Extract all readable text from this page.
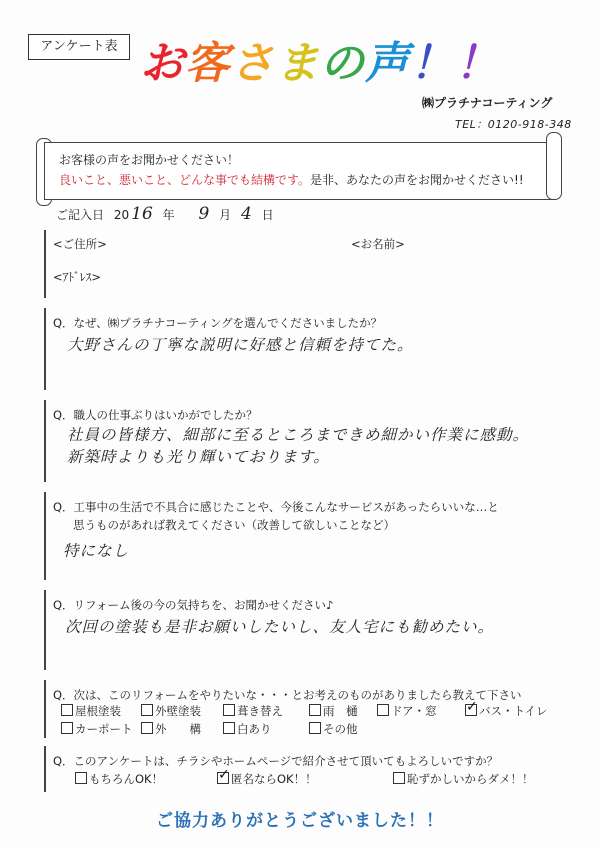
アンケート表 お客さまの声！！
㈱プラチナコーティング
TEL：0120-918-348
お客様の声をお聞かせください！
良いこと、悪いこと、どんな事でも結構です。是非、あなたの声をお聞かせください!!
ご記入日 20 16 年 9 月 4 日
<ご住所>	<お名前>
<ｱﾄﾞﾚｽ>
Q．なぜ、㈱プラチナコーティングを選んでくださいましたか？
大野さんの丁寧な説明に好感と信頼を持てた。
Q．職人の仕事ぶりはいかがでしたか？
社員の皆様方、細部に至るところまできめ細かい作業に感動。
新築時よりも光り輝いております。
Q．工事中の生活で不具合に感じたことや、今後こんなサービスがあったらいいな…と
思うものがあれば教えてください（改善して欲しいことなど）
特になし
Q．リフォーム後の今の気持ちを、お聞かせください♪
次回の塗装も是非お願いしたいし、友人宅にも勧めたい。
Q．次は、このリフォームをやりたいな・・・とお考えのものがありましたら教えて下さい
屋根塗装	外壁塗装	葺き替え	雨　樋	ドア・窓 ✓ バス・トイレ
カーポート	外　　構	白あり	その他
Q．このアンケートは、チラシやホームページで紹介させて頂いてもよろしいですか？
もちろんOK！	✓ 匿名ならOK！！	恥ずかしいからダメ！！
ご協力ありがとうございました！！
